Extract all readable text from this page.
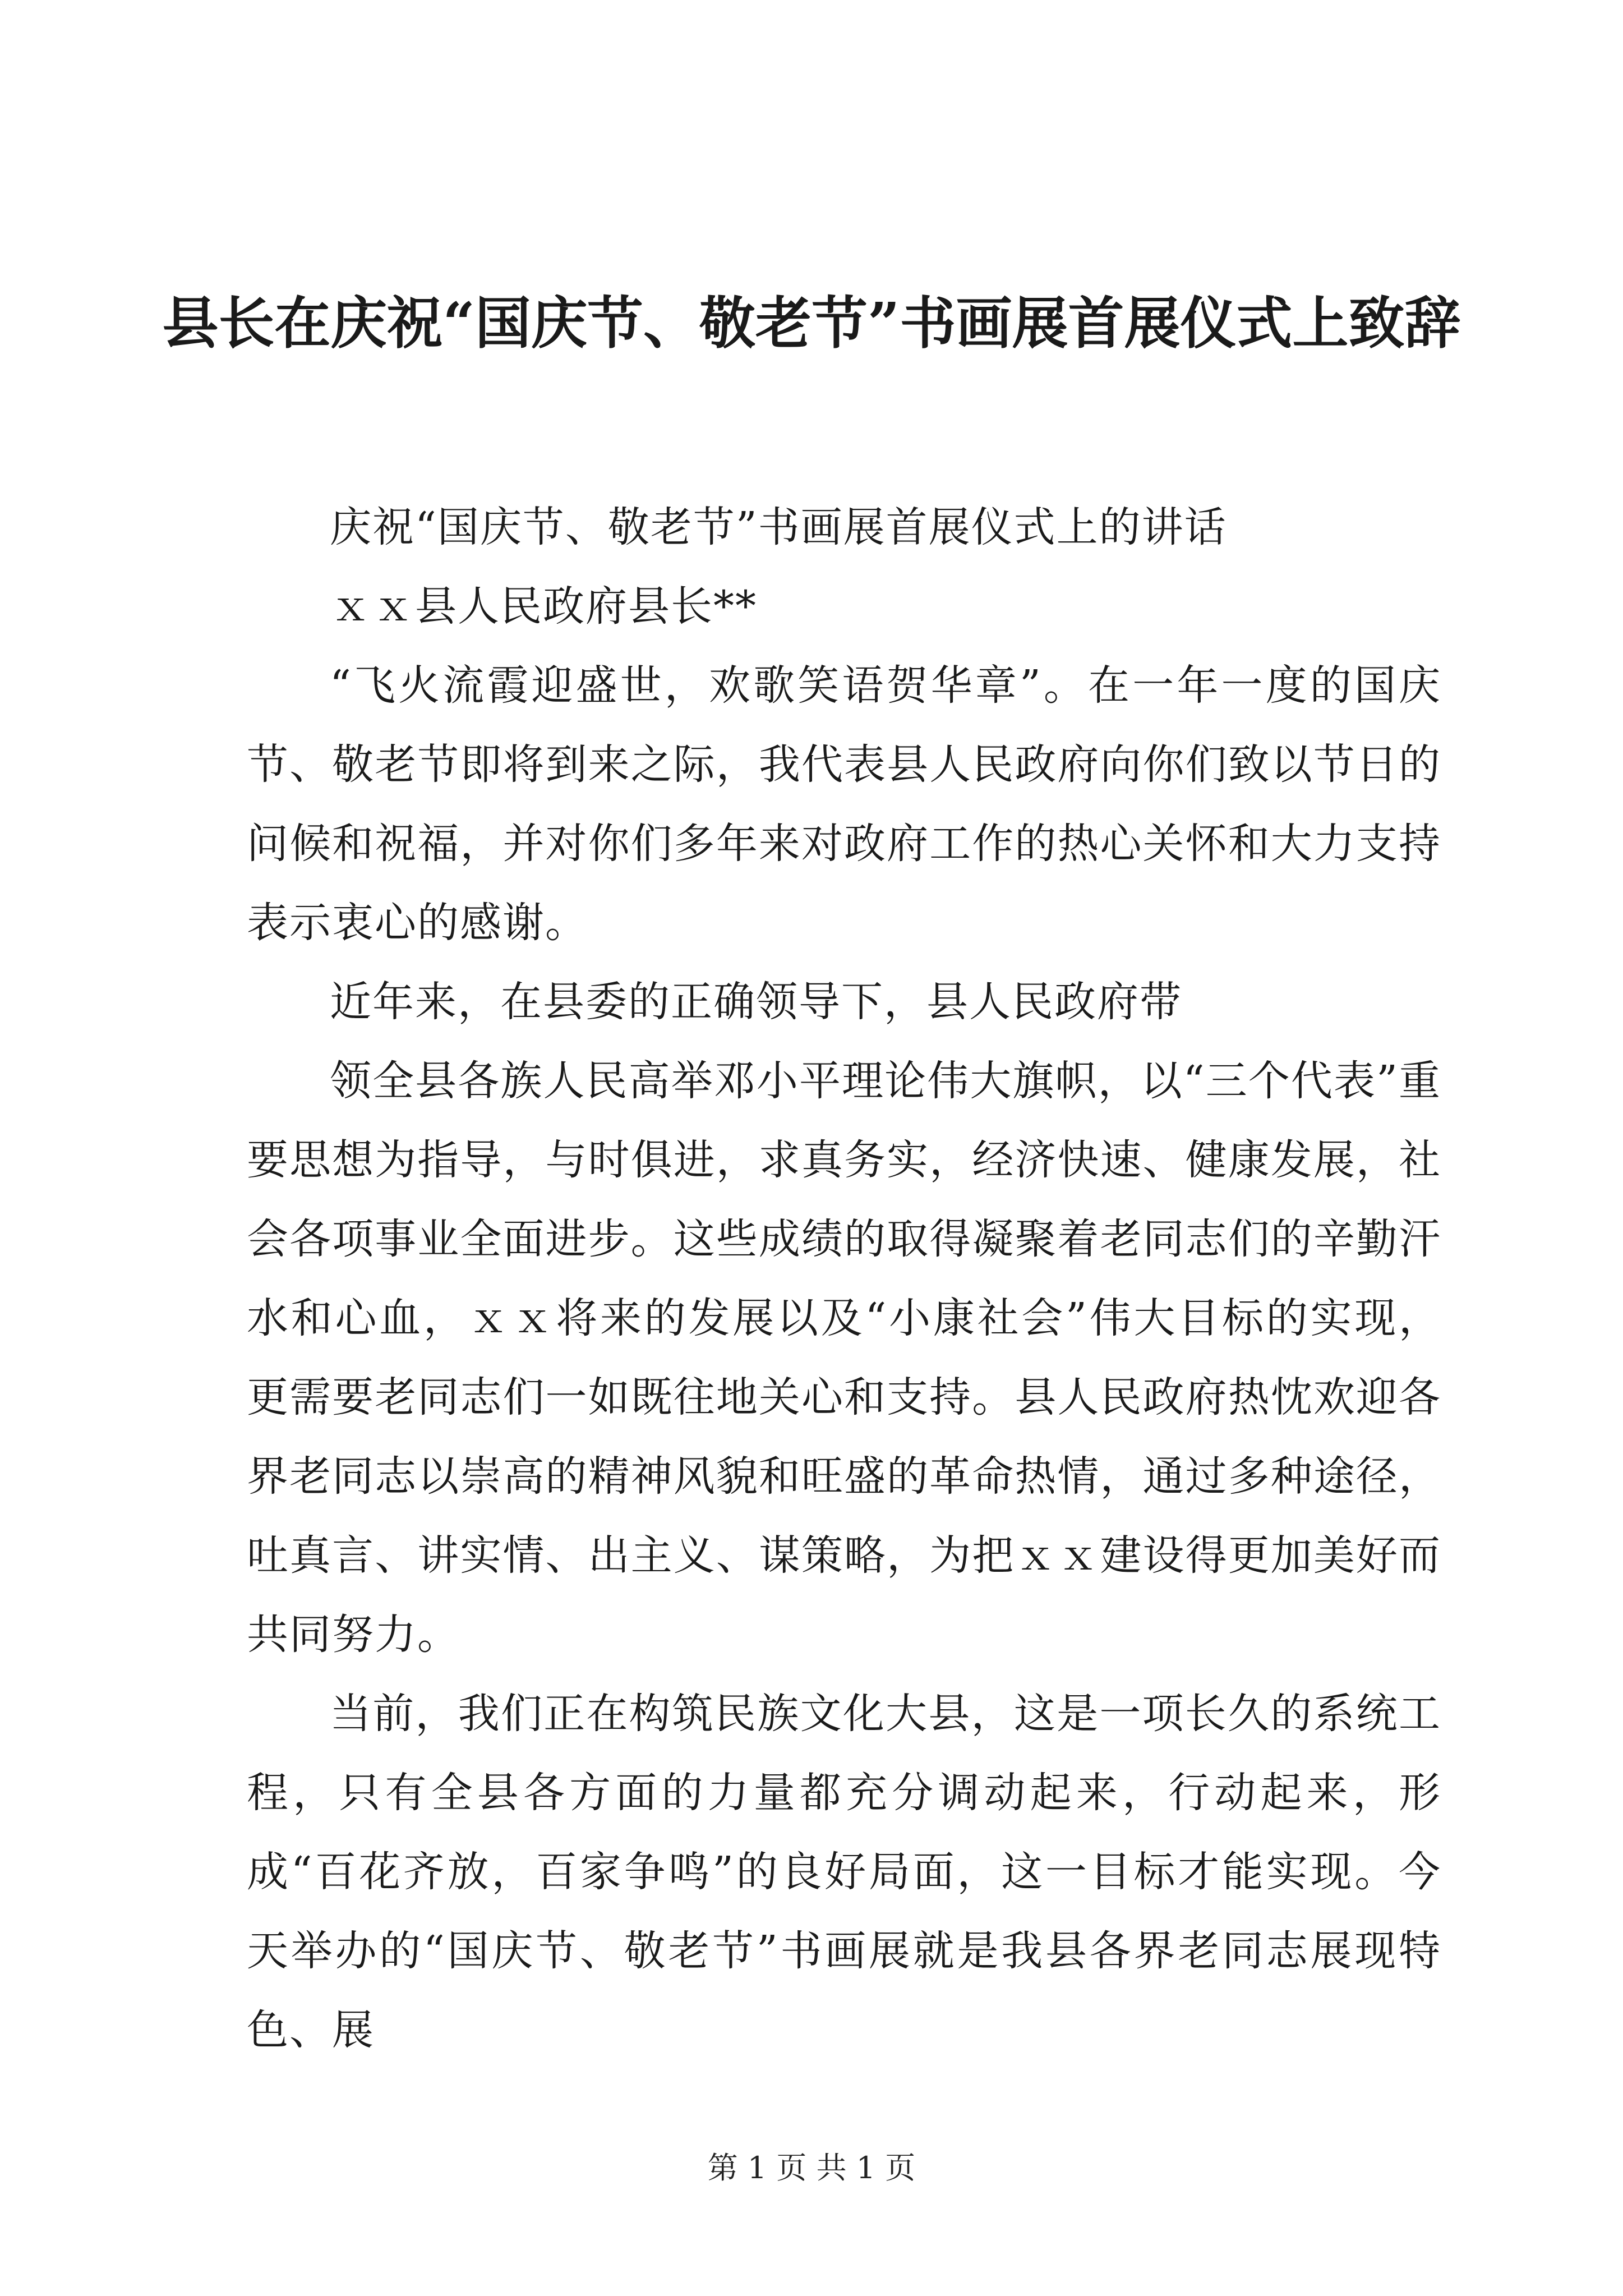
县长在庆祝“国庆节、敬老节”书画展首展仪式上致辞

庆祝“国庆节、敬老节”书画展首展仪式上的讲话

ｘｘ县人民政府县长**

“飞火流霞迎盛世，欢歌笑语贺华章”。在一年一度的国庆节、敬老节即将到来之际，我代表县人民政府向你们致以节日的问候和祝福，并对你们多年来对政府工作的热心关怀和大力支持表示衷心的感谢。

近年来，在县委的正确领导下，县人民政府带

领全县各族人民高举邓小平理论伟大旗帜，以“三个代表”重要思想为指导，与时俱进，求真务实，经济快速、健康发展，社会各项事业全面进步。这些成绩的取得凝聚着老同志们的辛勤汗水和心血，ｘｘ将来的发展以及“小康社会”伟大目标的实现，更需要老同志们一如既往地关心和支持。县人民政府热忱欢迎各界老同志以崇高的精神风貌和旺盛的革命热情，通过多种途径，吐真言、讲实情、出主义、谋策略，为把ｘｘ建设得更加美好而共同努力。

当前，我们正在构筑民族文化大县，这是一项长久的系统工程，只有全县各方面的力量都充分调动起来，行动起来，形成“百花齐放，百家争鸣”的良好局面，这一目标才能实现。今天举办的“国庆节、敬老节”书画展就是我县各界老同志展现特色、展

第 1 页 共 1 页
